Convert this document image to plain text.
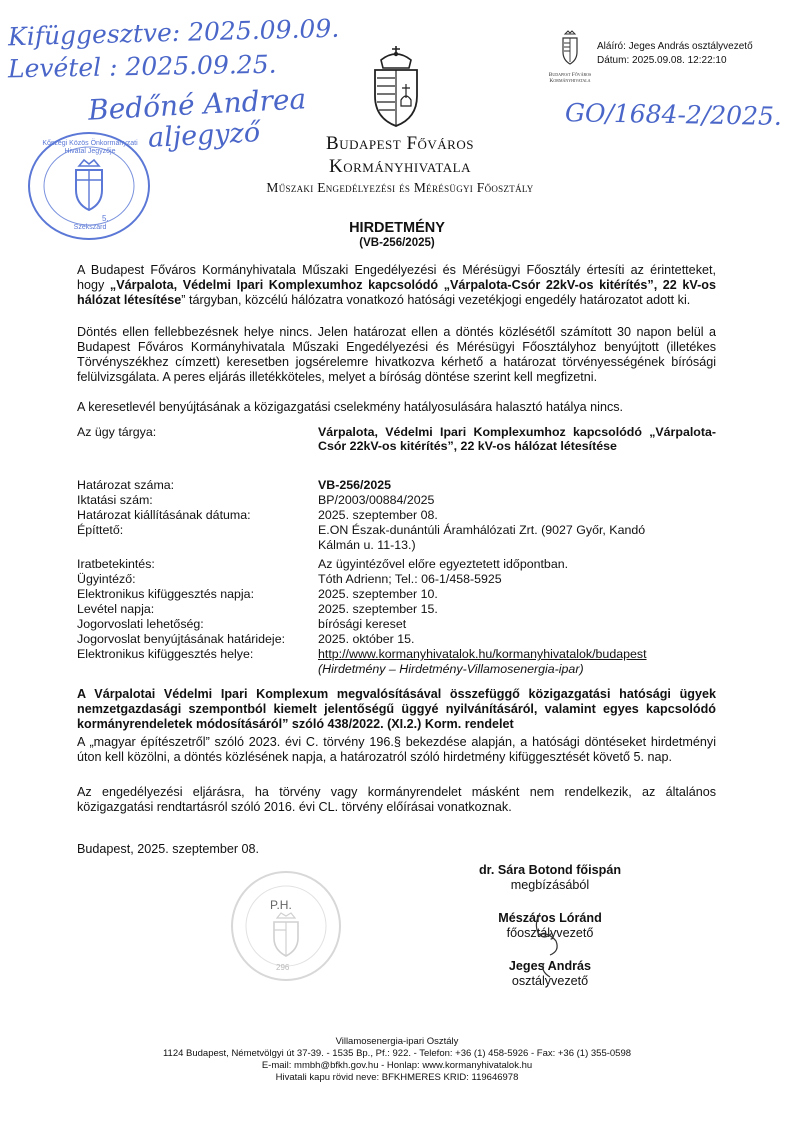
Kifüggesztve: 2025.09.09.
Levétel : 2025.09.25.
Bedőné Andrea
aljegyző
GO/1684-2/2025.
Kőszegi Közös Önkormányzati Hivatal Jegyzője
5.
Szekszárd
Budapest Főváros
Kormányhivatala
Aláíró: Jeges András osztályvezető
Dátum: 2025.09.08. 12:22:10
Budapest Főváros
Kormányhivatala
Műszaki Engedélyezési és Mérésügyi Főosztály
HIRDETMÉNY
(VB-256/2025)
A Budapest Főváros Kormányhivatala Műszaki Engedélyezési és Mérésügyi Főosztály értesíti az érintetteket, hogy „Várpalota, Védelmi Ipari Komplexumhoz kapcsolódó „Várpalota-Csór 22kV-os kitérítés”, 22 kV-os hálózat létesítése” tárgyban, közcélú hálózatra vonatkozó hatósági vezetékjogi engedély határozatot adott ki.
Döntés ellen fellebbezésnek helye nincs. Jelen határozat ellen a döntés közlésétől számított 30 napon belül a Budapest Főváros Kormányhivatala Műszaki Engedélyezési és Mérésügyi Főosztályhoz benyújtott (illetékes Törvényszékhez címzett) keresetben jogsérelemre hivatkozva kérhető a határozat törvényességének bírósági felülvizsgálata. A peres eljárás illetékköteles, melyet a bíróság döntése szerint kell megfizetni.
A keresetlevél benyújtásának a közigazgatási cselekmény hatályosulására halasztó hatálya nincs.
Az ügy tárgya:	Várpalota, Védelmi Ipari Komplexumhoz kapcsolódó „Várpalota-Csór 22kV-os kitérítés”, 22 kV-os hálózat létesítése
Határozat száma:	VB-256/2025
Iktatási szám:	BP/2003/00884/2025
Határozat kiállításának dátuma:	2025. szeptember 08.
Építtető:	E.ON Észak-dunántúli Áramhálózati Zrt. (9027 Győr, Kandó
Kálmán u. 11-13.)
Iratbetekintés:	Az ügyintézővel előre egyeztetett időpontban.
Ügyintéző:	Tóth Adrienn; Tel.: 06-1/458-5925
Elektronikus kifüggesztés napja:	2025. szeptember 10.
Levétel napja:	2025. szeptember 15.
Jogorvoslati lehetőség:	bírósági kereset
Jogorvoslat benyújtásának határideje:	2025. október 15.
Elektronikus kifüggesztés helye:	http://www.kormanyhivatalok.hu/kormanyhivatalok/budapest
(Hirdetmény – Hirdetmény-Villamosenergia-ipar)
A Várpalotai Védelmi Ipari Komplexum megvalósításával összefüggő közigazgatási hatósági ügyek nemzetgazdasági szempontból kiemelt jelentőségű üggyé nyilvánításáról, valamint egyes kapcsolódó kormányrendeletek módosításáról” szóló 438/2022. (XI.2.) Korm. rendelet
A „magyar építészetről” szóló 2023. évi C. törvény 196.§ bekezdése alapján, a hatósági döntéseket hirdetményi úton kell közölni, a döntés közlésének napja, a határozatról szóló hirdetmény kifüggesztését követő 5. nap.
Az engedélyezési eljárásra, ha törvény vagy kormányrendelet másként nem rendelkezik, az általános közigazgatási rendtartásról szóló 2016. évi CL. törvény előírásai vonatkoznak.
Budapest, 2025. szeptember 08.
P.H.
296
dr. Sára Botond főispán
megbízásából
Mészáros Lóránd
főosztályvezető
Jeges András
osztályvezető
Villamosenergia-ipari Osztály
1124 Budapest, Németvölgyi út 37-39. - 1535 Bp., Pf.: 922. - Telefon: +36 (1) 458-5926 - Fax: +36 (1) 355-0598
E-mail: mmbh@bfkh.gov.hu - Honlap: www.kormanyhivatalok.hu
Hivatali kapu rövid neve: BFKHMERES KRID: 119646978
